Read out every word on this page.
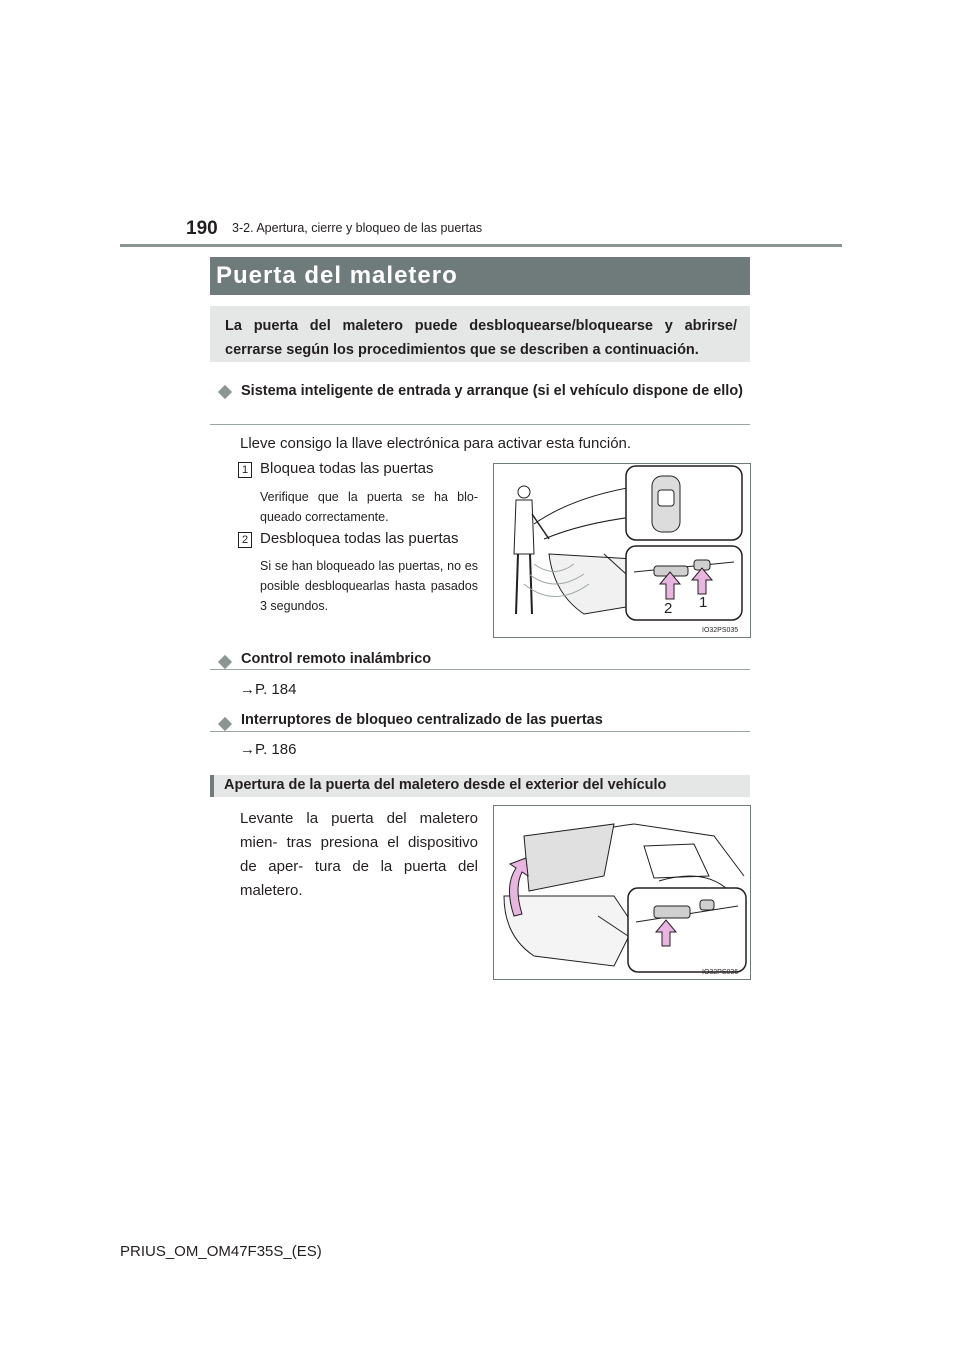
190 3-2. Apertura, cierre y bloqueo de las puertas
Puerta del maletero
La puerta del maletero puede desbloquearse/bloquearse y abrirse/ cerrarse según los procedimientos que se describen a continuación.
Sistema inteligente de entrada y arranque (si el vehículo dispone de ello)
Lleve consigo la llave electrónica para activar esta función.
1 Bloquea todas las puertas
Verifique que la puerta se ha blo- queado correctamente.
2 Desbloquea todas las puertas
Si se han bloqueado las puertas, no es posible desbloquearlas hasta pasados 3 segundos.	2 1
IO32PS035
Control remoto inalámbrico
→P. 184
Interruptores de bloqueo centralizado de las puertas
→P. 186
Apertura de la puerta del maletero desde el exterior del vehículo
Levante la puerta del maletero mien- tras presiona el dispositivo de aper- tura de la puerta del maletero.
IO32PS036
PRIUS_OM_OM47F35S_(ES)
